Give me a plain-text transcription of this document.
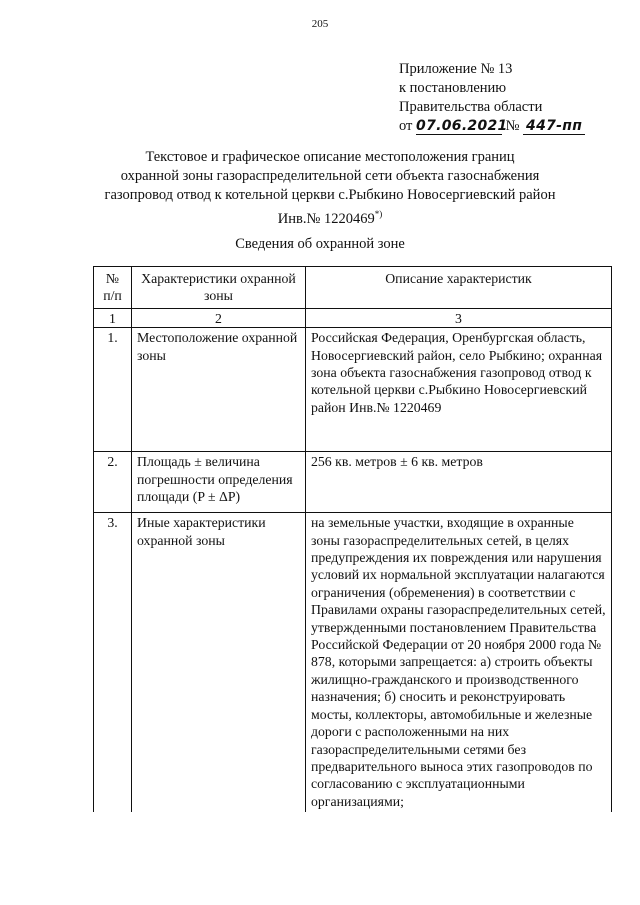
205
Приложение № 13
к постановлению
Правительства области
от 07.06.2021 № 447-пп
Текстовое и графическое описание местоположения границ
охранной зоны газораспределительной сети объекта газоснабжения
газопровод отвод к котельной церкви с.Рыбкино Новосергиевский район
Инв.№ 1220469*)
Сведения об охранной зоне
№ п/п	Характеристики охранной зоны	Описание характеристик
1	2	3
1.	Местоположение охранной зоны	Российская Федерация, Оренбургская область, Новосергиевский район, село Рыбкино; охранная зона объекта газоснабжения газопровод отвод к котельной церкви с.Рыбкино Новосергиевский район Инв.№ 1220469
2.	Площадь ± величина погрешности определения площади (P ± ΔP)	256 кв. метров ± 6 кв. метров
3.	Иные характеристики охранной зоны	на земельные участки, входящие в охранные зоны газораспределительных сетей, в целях предупреждения их повреждения или нарушения условий их нормальной эксплуатации налагаются ограничения (обременения) в соответствии с Правилами охраны газораспределительных сетей, утвержденными постановлением Правительства Российской Федерации от 20 ноября 2000 года № 878, которыми запрещается: а) строить объекты жилищно-гражданского и производственного назначения; б) сносить и реконструировать мосты, коллекторы, автомобильные и железные дороги с расположенными на них газораспределительными сетями без предварительного выноса этих газопроводов по согласованию с эксплуатационными организациями;
